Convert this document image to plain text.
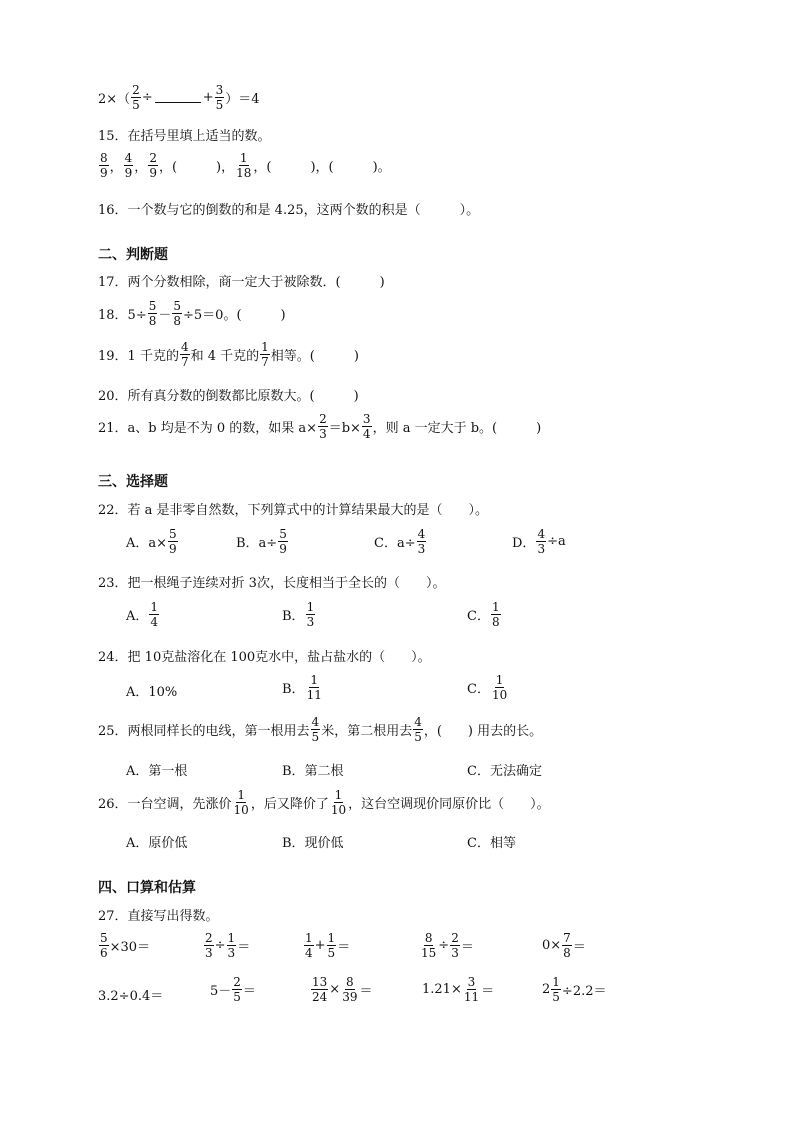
$2\times( \frac{2}{5}$ ÷	+ $\frac{3}{5} )=4$
15．在括号里填上适当的数。
$\frac{8}{9}$ ， $\frac{4}{9}$ ， $\frac{2}{9}$ ，(　　　)， $\frac{1}{18}$ ，(　　　)，(　　　)。
16．一个数与它的倒数的和是 4.25，这两个数的积是（　　　）。
二、判断题
17．两个分数相除，商一定大于被除数．(　　　)
18．$5\div \frac{5}{8} - \frac{5}{8} \div 5=0$。(　　　)
19．1 千克的 $\frac{4}{7}$ 和 4 千克的 $\frac{1}{7}$ 相等。(　　　)
20．所有真分数的倒数都比原数大。(　　　)
21．a、b 均是不为 0 的数，如果 $a\times \frac{2}{3} =b\times \frac{3}{4}$ ，则 a 一定大于 b。(　　　)
三、选择题
22．若 a 是非零自然数，下列算式中的计算结果最大的是（　　）。
A．$a\times \frac{5}{9}$	B．$a\div \frac{5}{9}$	C．$a\div \frac{4}{3}$	D． $\frac{4}{3} \div a$
23．把一根绳子连续对折 3次，长度相当于全长的（　　）。
A． $\frac{1}{4}$	B． $\frac{1}{3}$	C． $\frac{1}{8}$
24．把 10克盐溶化在 100克水中，盐占盐水的（　　）。
A．10%	B． $\frac{1}{11}$	C． $\frac{1}{10}$
25．两根同样长的电线，第一根用去 $\frac{4}{5}$ 米，第二根用去 $\frac{4}{5}$ ，(　　) 用去的长。
A．第一根	B．第二根	C．无法确定
26．一台空调，先涨价 $\frac{1}{10}$ ，后又降价了 $\frac{1}{10}$ ，这台空调现价同原价比（　　）。
A．原价低	B．现价低	C．相等
四、口算和估算
27．直接写出得数。
$\frac{5}{6} \times 30=$	$\frac{2}{3} \div \frac{1}{3}$ ＝	$\frac{1}{4} + \frac{1}{5}$ ＝	$\frac{8}{15} \div \frac{2}{3}$ ＝	$0\times \frac{7}{8}$ ＝
3.2÷0.4＝	$5- \frac{2}{5}$ ＝	$\frac{13}{24} \times \frac{8}{39}$ ＝	$1.21\times \frac{3}{11}$ ＝	$2 \frac{1}{5} \div 2.2=$
